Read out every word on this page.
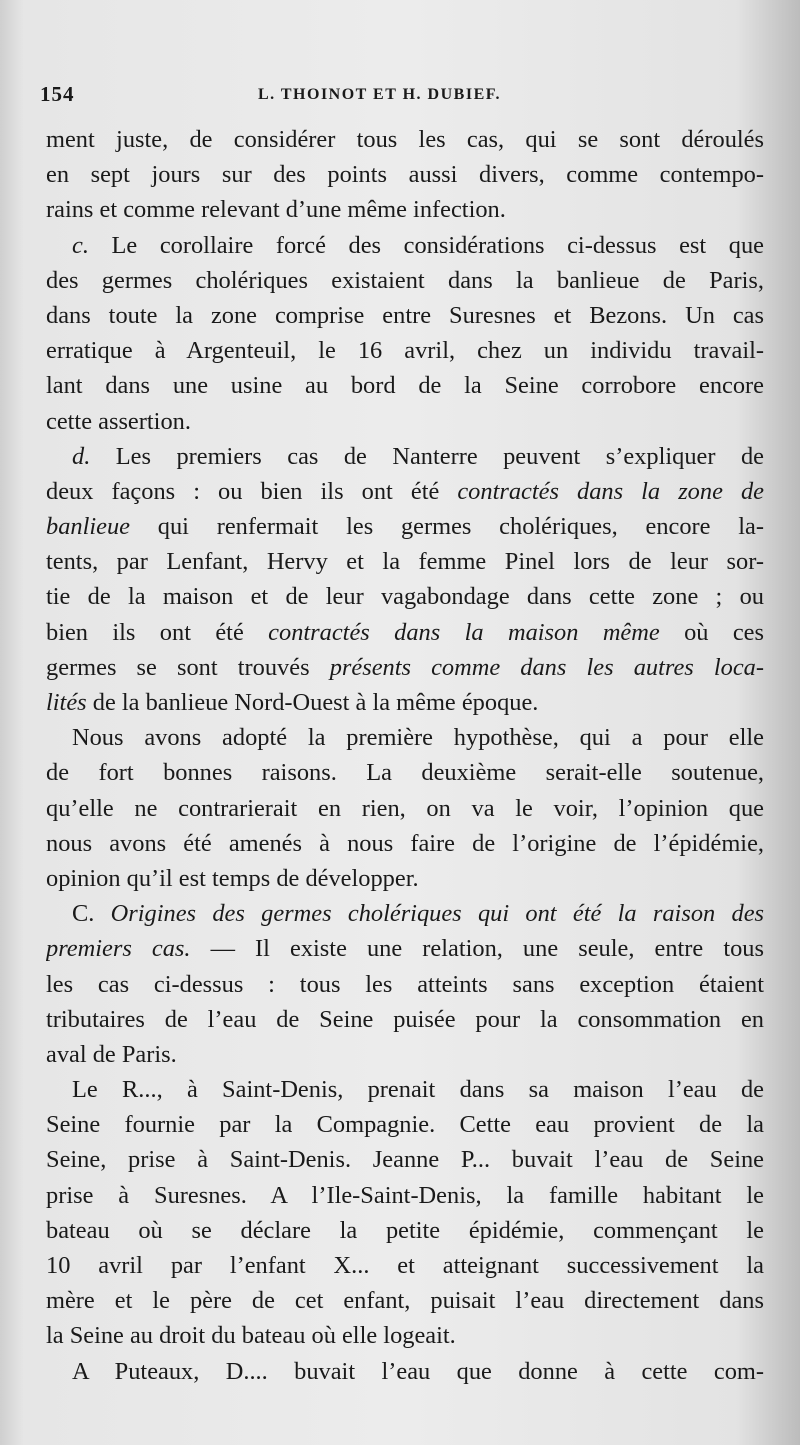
154	L. THOINOT ET H. DUBIEF.
ment juste, de considérer tous les cas, qui se sont déroulés
en sept jours sur des points aussi divers, comme contempo-
rains et comme relevant d’une même infection.
c. Le corollaire forcé des considérations ci-dessus est que
des germes cholériques existaient dans la banlieue de Paris,
dans toute la zone comprise entre Suresnes et Bezons. Un cas
erratique à Argenteuil, le 16 avril, chez un individu travail-
lant dans une usine au bord de la Seine corrobore encore
cette assertion.
d. Les premiers cas de Nanterre peuvent s’expliquer de
deux façons : ou bien ils ont été contractés dans la zone de
banlieue qui renfermait les germes cholériques, encore la-
tents, par Lenfant, Hervy et la femme Pinel lors de leur sor-
tie de la maison et de leur vagabondage dans cette zone ; ou
bien ils ont été contractés dans la maison même où ces
germes se sont trouvés présents comme dans les autres loca-
lités de la banlieue Nord-Ouest à la même époque.
Nous avons adopté la première hypothèse, qui a pour elle
de fort bonnes raisons. La deuxième serait-elle soutenue,
qu’elle ne contrarierait en rien, on va le voir, l’opinion que
nous avons été amenés à nous faire de l’origine de l’épidémie,
opinion qu’il est temps de développer.
C. Origines des germes cholériques qui ont été la raison des
premiers cas. — Il existe une relation, une seule, entre tous
les cas ci-dessus : tous les atteints sans exception étaient
tributaires de l’eau de Seine puisée pour la consommation en
aval de Paris.
Le R..., à Saint-Denis, prenait dans sa maison l’eau de
Seine fournie par la Compagnie. Cette eau provient de la
Seine, prise à Saint-Denis. Jeanne P... buvait l’eau de Seine
prise à Suresnes. A l’Ile-Saint-Denis, la famille habitant le
bateau où se déclare la petite épidémie, commençant le
10 avril par l’enfant X... et atteignant successivement la
mère et le père de cet enfant, puisait l’eau directement dans
la Seine au droit du bateau où elle logeait.
A Puteaux, D.... buvait l’eau que donne à cette com-
